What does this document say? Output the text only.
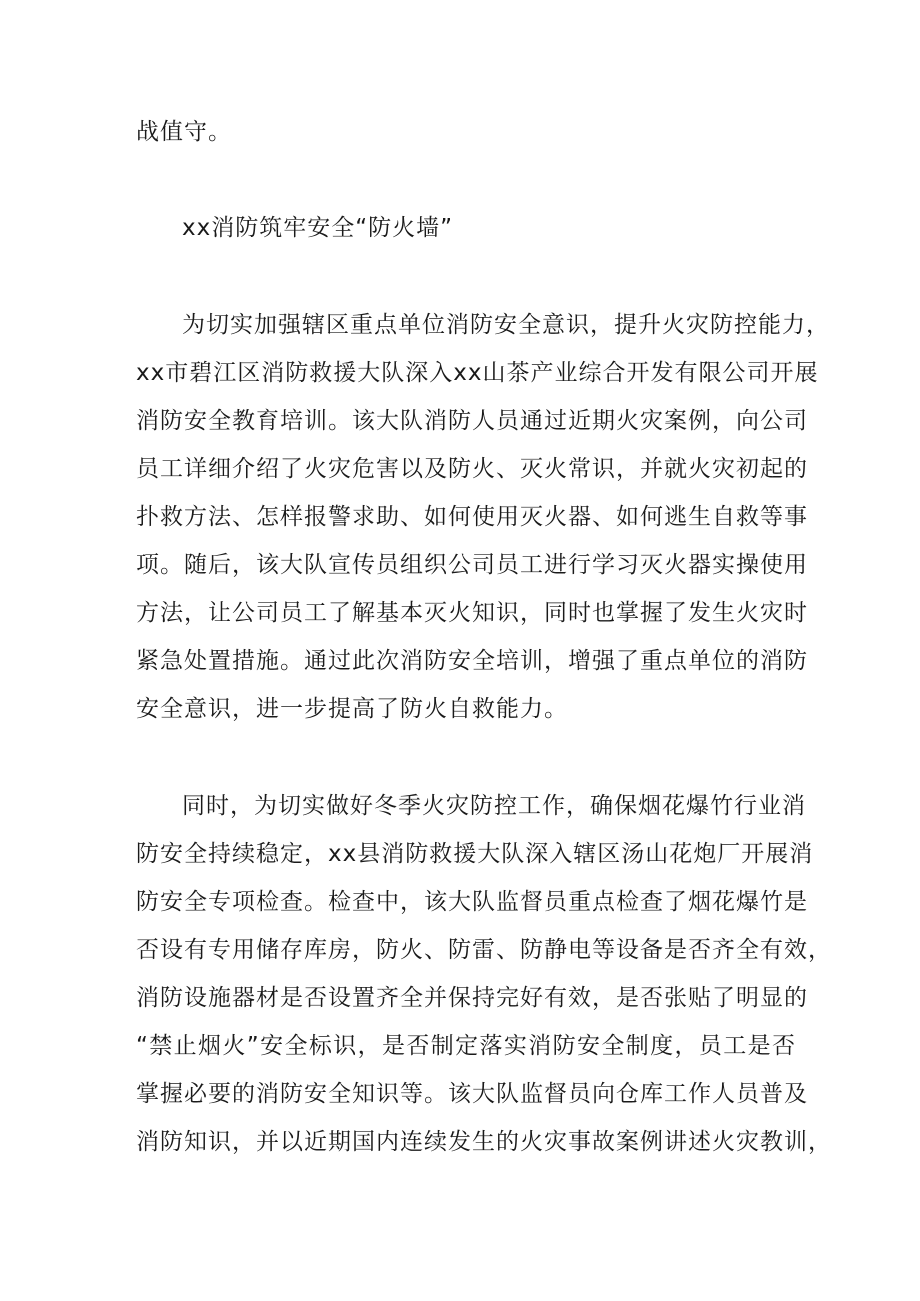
战值守。
xx消防筑牢安全“防火墙”
为切实加强辖区重点单位消防安全意识，提升火灾防控能力，
xx市碧江区消防救援大队深入xx山茶产业综合开发有限公司开展
消防安全教育培训。该大队消防人员通过近期火灾案例，向公司
员工详细介绍了火灾危害以及防火、灭火常识，并就火灾初起的
扑救方法、怎样报警求助、如何使用灭火器、如何逃生自救等事
项。随后，该大队宣传员组织公司员工进行学习灭火器实操使用
方法，让公司员工了解基本灭火知识，同时也掌握了发生火灾时
紧急处置措施。通过此次消防安全培训，增强了重点单位的消防
安全意识，进一步提高了防火自救能力。
同时，为切实做好冬季火灾防控工作，确保烟花爆竹行业消
防安全持续稳定，xx县消防救援大队深入辖区汤山花炮厂开展消
防安全专项检查。检查中，该大队监督员重点检查了烟花爆竹是
否设有专用储存库房，防火、防雷、防静电等设备是否齐全有效，
消防设施器材是否设置齐全并保持完好有效，是否张贴了明显的
“禁止烟火”安全标识，是否制定落实消防安全制度，员工是否
掌握必要的消防安全知识等。该大队监督员向仓库工作人员普及
消防知识，并以近期国内连续发生的火灾事故案例讲述火灾教训，
